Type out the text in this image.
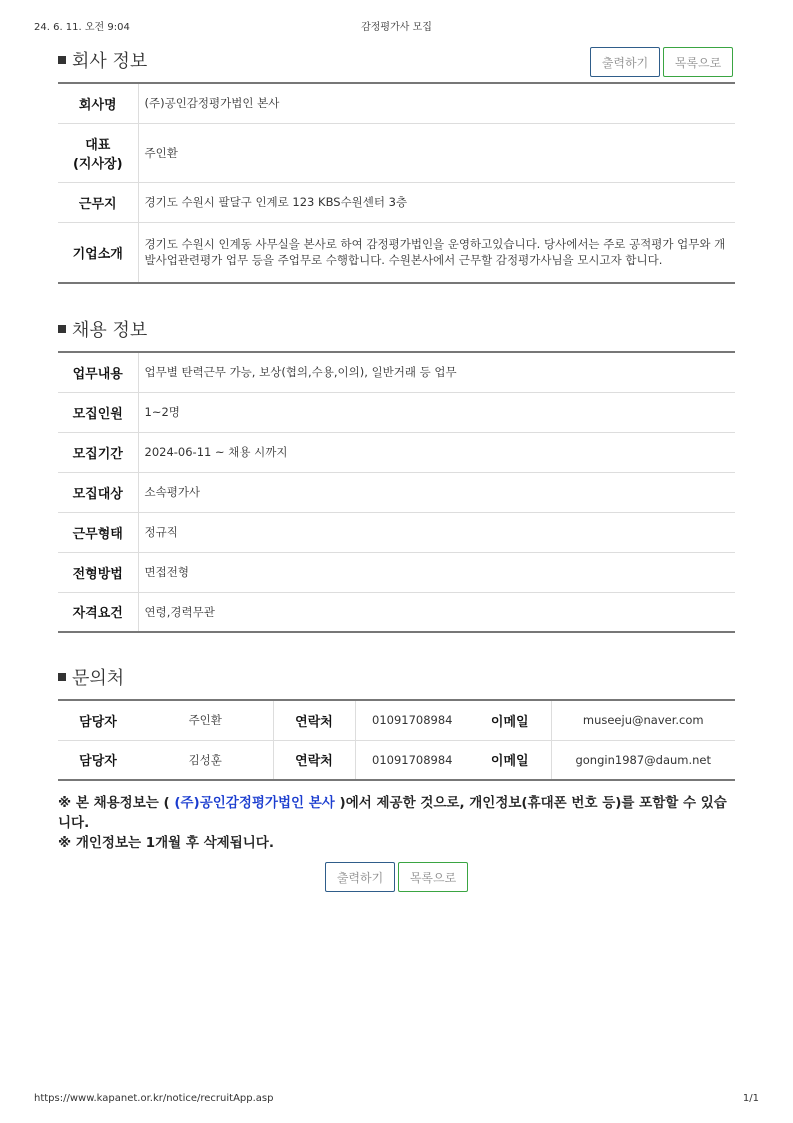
24. 6. 11. 오전 9:04	감정평가사 모집
회사 정보	출력하기	목록으로
회사명	(주)공인감정평가법인 본사

대표
(지사장)	주인환
근무지	경기도 수원시 팔달구 인계로 123 KBS수원센터 3층
기업소개	경기도 수원시 인계동 사무실을 본사로 하여 감정평가법인을 운영하고있습니다. 당사에서는 주로 공적평가 업무와 개발사업관련평가 업무 등을 주업무로 수행합니다. 수원본사에서 근무할 감정평가사님을 모시고자 합니다.
채용 정보
업무내용	업무별 탄력근무 가능, 보상(협의,수용,이의), 일반거래 등 업무
모집인원	1~2명
모집기간	2024-06-11 ~ 채용 시까지
모집대상	소속평가사
근무형태	정규직
전형방법	면접전형
자격요건	연령,경력무관
문의처
담당자	주인환	연락처	01091708984	이메일	museeju@naver.com
담당자	김성훈	연락처	01091708984	이메일	gongin1987@daum.net
※ 본 채용정보는 ( (주)공인감정평가법인 본사 )에서 제공한 것으로, 개인정보(휴대폰 번호 등)를 포함할 수 있습니다.
※ 개인정보는 1개월 후 삭제됩니다.
출력하기	목록으로
https://www.kapanet.or.kr/notice/recruitApp.asp	1/1
